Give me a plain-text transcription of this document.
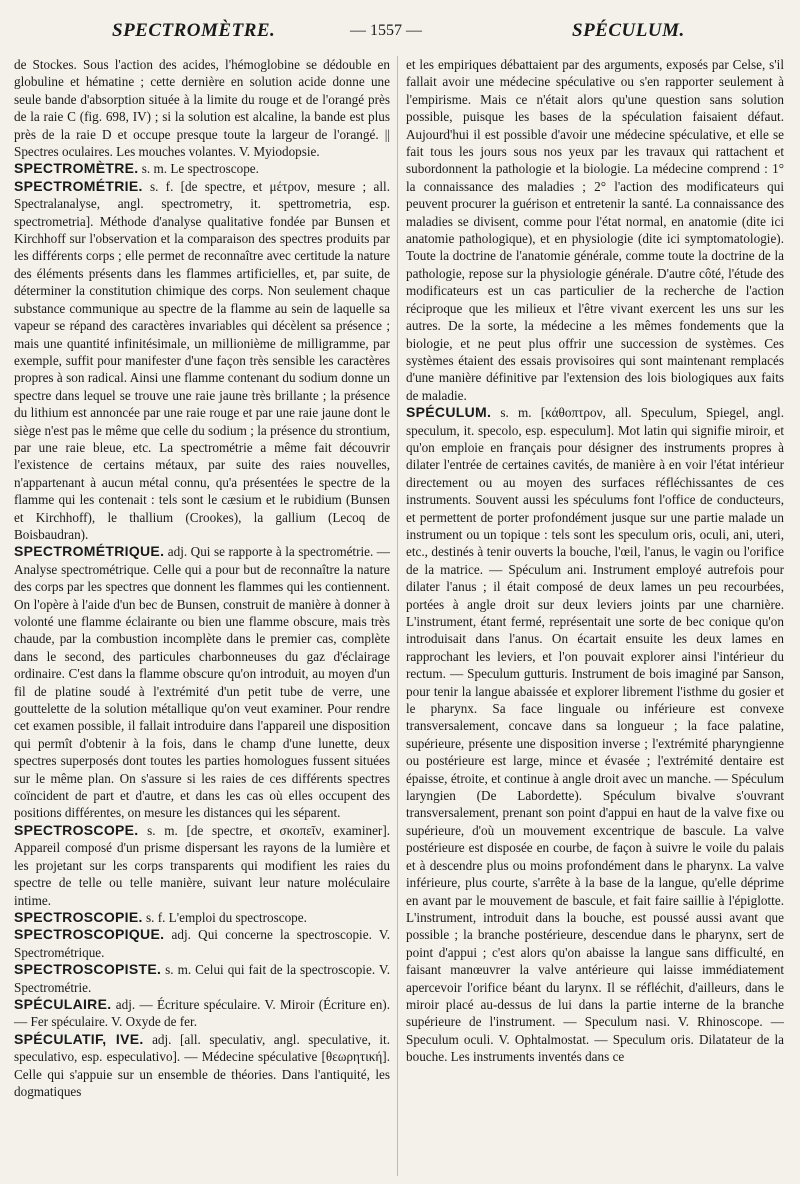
SPECTROMÈTRE.	— 1557 —	SPÉCULUM.

de Stockes. Sous l'action des acides, l'hémoglobine se dédouble en globuline et hématine ; cette dernière en solution acide donne une seule bande d'absorption située à la limite du rouge et de l'orangé près de la raie C (fig. 698, IV) ; si la solution est alcaline, la bande est plus près de la raie D et occupe presque toute la largeur de l'orangé. || Spectres oculaires. Les mouches volantes. V. Myiodopsie.

SPECTROMÈTRE. s. m. Le spectroscope.

SPECTROMÉTRIE. s. f. [de spectre, et μέτρον, mesure ; all. Spectralanalyse, angl. spectrometry, it. spettrometria, esp. spectrometria]. Méthode d'analyse qualitative fondée par Bunsen et Kirchhoff sur l'observation et la comparaison des spectres produits par les différents corps ; elle permet de reconnaître avec certitude la nature des éléments présents dans les flammes artificielles, et, par suite, de déterminer la constitution chimique des corps. Non seulement chaque substance communique au spectre de la flamme au sein de laquelle sa vapeur se répand des caractères invariables qui décèlent sa présence ; mais une quantité infinitésimale, un millionième de milligramme, par exemple, suffit pour manifester d'une façon très sensible les caractères propres à son radical. Ainsi une flamme contenant du sodium donne un spectre dans lequel se trouve une raie jaune très brillante ; la présence du lithium est annoncée par une raie rouge et par une raie jaune dont le siège n'est pas le même que celle du sodium ; la présence du strontium, par une raie bleue, etc. La spectrométrie a même fait découvrir l'existence de certains métaux, par suite des raies nouvelles, n'appartenant à aucun métal connu, qu'a présentées le spectre de la flamme qui les contenait : tels sont le cæsium et le rubidium (Bunsen et Kirchhoff), le thallium (Crookes), la gallium (Lecoq de Boisbaudran).

SPECTROMÉTRIQUE. adj. Qui se rapporte à la spectrométrie. — Analyse spectrométrique. Celle qui a pour but de reconnaître la nature des corps par les spectres que donnent les flammes qui les contiennent. On l'opère à l'aide d'un bec de Bunsen, construit de manière à donner à volonté une flamme éclairante ou bien une flamme obscure, mais très chaude, par la combustion incomplète dans le premier cas, complète dans le second, des particules charbonneuses du gaz d'éclairage ordinaire. C'est dans la flamme obscure qu'on introduit, au moyen d'un fil de platine soudé à l'extrémité d'un petit tube de verre, une gouttelette de la solution métallique qu'on veut examiner. Pour rendre cet examen possible, il fallait introduire dans l'appareil une disposition qui permît d'obtenir à la fois, dans le champ d'une lunette, deux spectres superposés dont toutes les parties homologues fussent situées sur le même plan. On s'assure si les raies de ces différents spectres coïncident de part et d'autre, et dans les cas où elles occupent des positions différentes, on mesure les distances qui les séparent.

SPECTROSCOPE. s. m. [de spectre, et σκοπεῖν, examiner]. Appareil composé d'un prisme dispersant les rayons de la lumière et les projetant sur les corps transparents qui modifient les raies du spectre de telle ou telle manière, suivant leur nature moléculaire intime.

SPECTROSCOPIE. s. f. L'emploi du spectroscope.

SPECTROSCOPIQUE. adj. Qui concerne la spectroscopie. V. Spectrométrique.

SPECTROSCOPISTE. s. m. Celui qui fait de la spectroscopie. V. Spectrométrie.

SPÉCULAIRE. adj. — Écriture spéculaire. V. Miroir (Écriture en). — Fer spéculaire. V. Oxyde de fer.

SPÉCULATIF, IVE. adj. [all. speculativ, angl. speculative, it. speculativo, esp. especulativo]. — Médecine spéculative [θεωρητική]. Celle qui s'appuie sur un ensemble de théories. Dans l'antiquité, les dogmatiques

et les empiriques débattaient par des arguments, exposés par Celse, s'il fallait avoir une médecine spéculative ou s'en rapporter seulement à l'empirisme. Mais ce n'était alors qu'une question sans solution possible, puisque les bases de la spéculation faisaient défaut. Aujourd'hui il est possible d'avoir une médecine spéculative, et elle se fait tous les jours sous nos yeux par les travaux qui rattachent et subordonnent la pathologie et la biologie. La médecine comprend : 1° la connaissance des maladies ; 2° l'action des modificateurs qui peuvent procurer la guérison et entretenir la santé. La connaissance des maladies se divisent, comme pour l'état normal, en anatomie (dite ici anatomie pathologique), et en physiologie (dite ici symptomatologie). Toute la doctrine de l'anatomie générale, comme toute la doctrine de la pathologie, repose sur la physiologie générale. D'autre côté, l'étude des modificateurs est un cas particulier de la recherche de l'action réciproque que les milieux et l'être vivant exercent les uns sur les autres. De la sorte, la médecine a les mêmes fondements que la biologie, et ne peut plus offrir une succession de systèmes. Ces systèmes étaient des essais provisoires qui sont maintenant remplacés d'une manière définitive par l'extension des lois biologiques aux faits de maladie.

SPÉCULUM. s. m. [κάθοπτρον, all. Speculum, Spiegel, angl. speculum, it. specolo, esp. especulum]. Mot latin qui signifie miroir, et qu'on emploie en français pour désigner des instruments propres à dilater l'entrée de certaines cavités, de manière à en voir l'état intérieur directement ou au moyen des surfaces réfléchissantes de ces instruments. Souvent aussi les spéculums font l'office de conducteurs, et permettent de porter profondément jusque sur une partie malade un instrument ou un topique : tels sont les speculum oris, oculi, ani, uteri, etc., destinés à tenir ouverts la bouche, l'œil, l'anus, le vagin ou l'orifice de la matrice. — Spéculum ani. Instrument employé autrefois pour dilater l'anus ; il était composé de deux lames un peu recourbées, portées à angle droit sur deux leviers joints par une charnière. L'instrument, étant fermé, représentait une sorte de bec conique qu'on introduisait dans l'anus. On écartait ensuite les deux lames en rapprochant les leviers, et l'on pouvait explorer ainsi l'intérieur du rectum. — Speculum gutturis. Instrument de bois imaginé par Sanson, pour tenir la langue abaissée et explorer librement l'isthme du gosier et le pharynx. Sa face linguale ou inférieure est convexe transversalement, concave dans sa longueur ; la face palatine, supérieure, présente une disposition inverse ; l'extrémité pharyngienne ou postérieure est large, mince et évasée ; l'extrémité dentaire est épaisse, étroite, et continue à angle droit avec un manche. — Spéculum laryngien (De Labordette). Spéculum bivalve s'ouvrant transversalement, prenant son point d'appui en haut de la valve fixe ou supérieure, d'où un mouvement excentrique de bascule. La valve postérieure est disposée en courbe, de façon à suivre le voile du palais et à descendre plus ou moins profondément dans le pharynx. La valve inférieure, plus courte, s'arrête à la base de la langue, qu'elle déprime en avant par le mouvement de bascule, et fait faire saillie à l'épiglotte. L'instrument, introduit dans la bouche, est poussé aussi avant que possible ; la branche postérieure, descendue dans le pharynx, sert de point d'appui ; c'est alors qu'on abaisse la langue sans difficulté, en faisant manœuvrer la valve antérieure qui laisse immédiatement apercevoir l'orifice béant du larynx. Il se réfléchit, d'ailleurs, dans le miroir placé au-dessus de lui dans la partie interne de la branche supérieure de l'instrument. — Speculum nasi. V. Rhinoscope. — Speculum oculi. V. Ophtalmostat. — Speculum oris. Dilatateur de la bouche. Les instruments inventés dans ce
